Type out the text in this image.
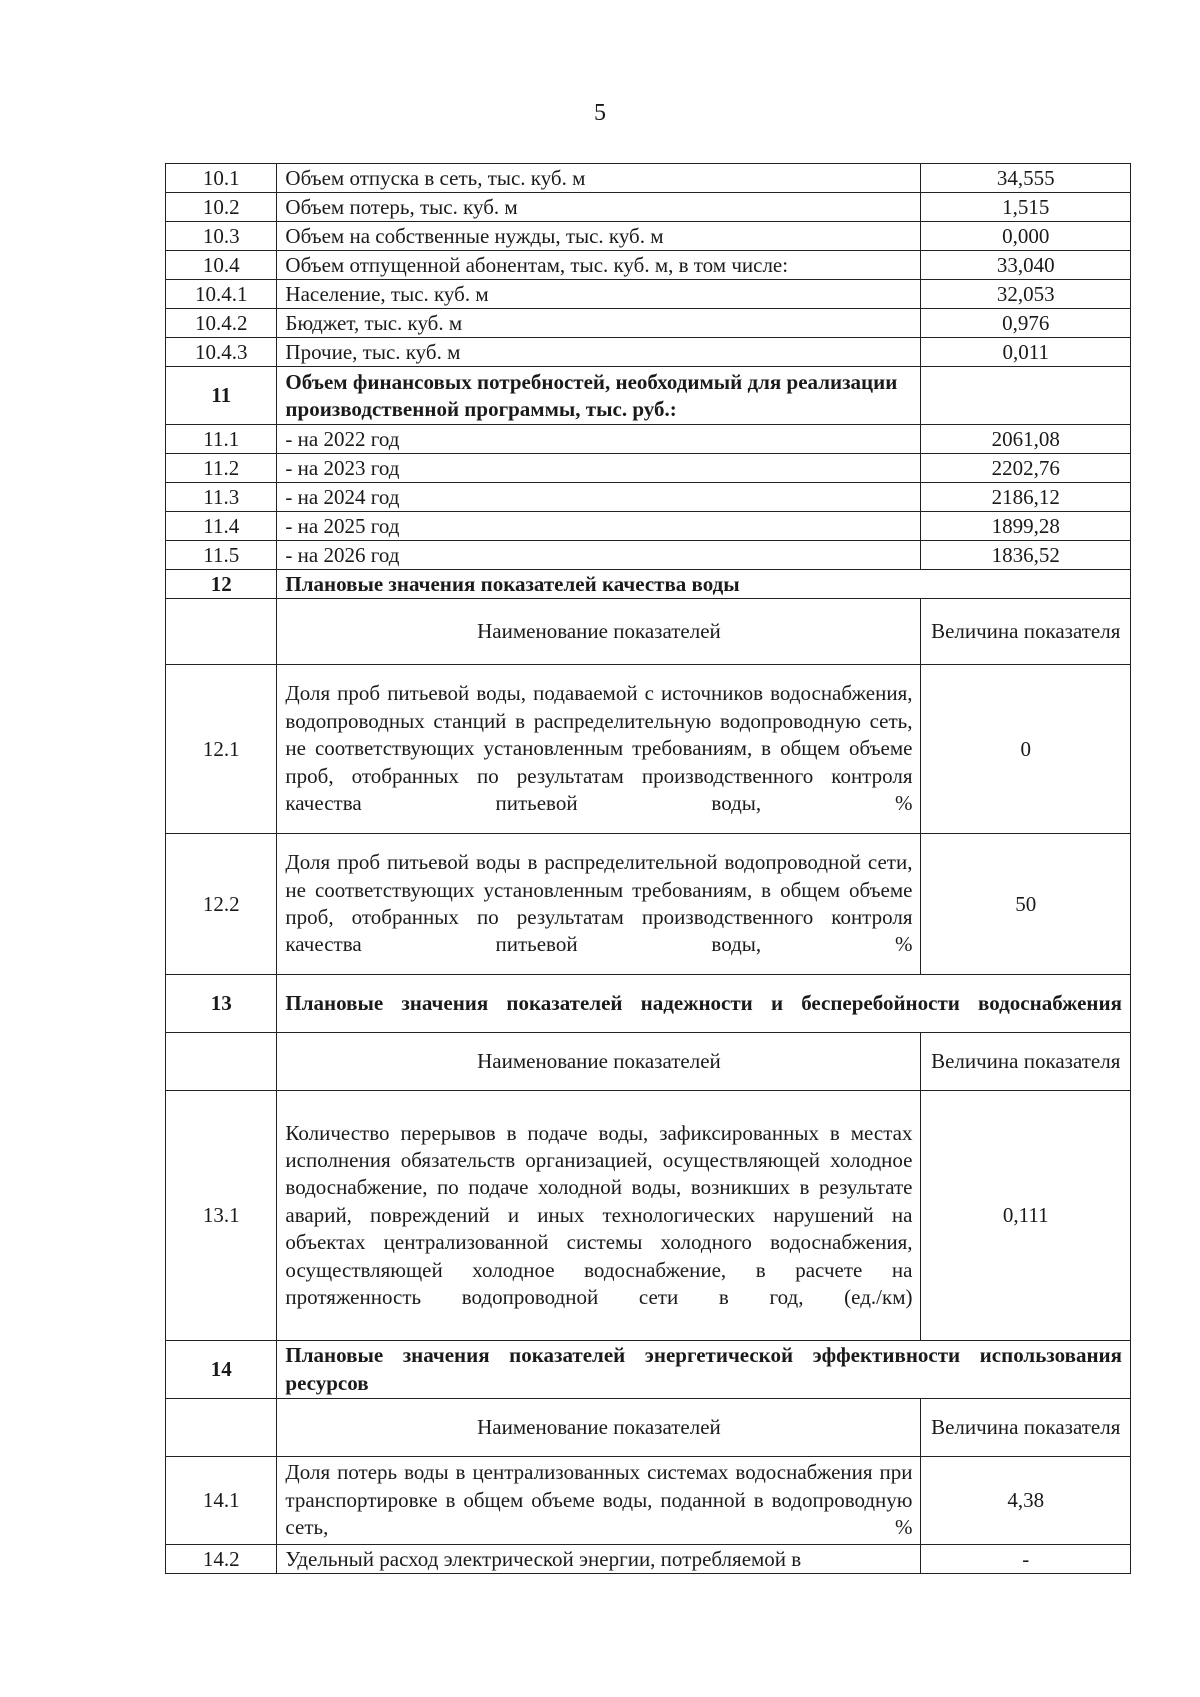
5
10.1	Объем отпуска в сеть, тыс. куб. м	34,555
10.2	Объем потерь, тыс. куб. м	1,515
10.3	Объем на собственные нужды, тыс. куб. м	0,000
10.4	Объем отпущенной абонентам, тыс. куб. м, в том числе:	33,040
10.4.1	Население, тыс. куб. м	32,053
10.4.2	Бюджет, тыс. куб. м	0,976
10.4.3	Прочие, тыс. куб. м	0,011
11	Объем финансовых потребностей, необходимый для реализации производственной программы, тыс. руб.:	
11.1	- на 2022 год	2061,08
11.2	- на 2023 год	2202,76
11.3	- на 2024 год	2186,12
11.4	- на 2025 год	1899,28
11.5	- на 2026 год	1836,52
12	Плановые значения показателей качества воды	
	Наименование показателей	Величина показателя
12.1	Доля проб питьевой воды, подаваемой с источников водоснабжения, водопроводных станций в распределительную водопроводную сеть, не соответствующих установленным требованиям, в общем объеме проб, отобранных по результатам производственного контроля качества питьевой воды, %	0
12.2	Доля проб питьевой воды в распределительной водопроводной сети, не соответствующих установленным требованиям, в общем объеме проб, отобранных по результатам производственного контроля качества питьевой воды, %	50
13	Плановые значения показателей надежности и бесперебойности водоснабжения	
	Наименование показателей	Величина показателя
13.1	Количество перерывов в подаче воды, зафиксированных в местах исполнения обязательств организацией, осуществляющей холодное водоснабжение, по подаче холодной воды, возникших в результате аварий, повреждений и иных технологических нарушений на объектах централизованной системы холодного водоснабжения, осуществляющей холодное водоснабжение, в расчете на протяженность водопроводной сети в год, (ед./км)	0,111
14	Плановые значения показателей энергетической эффективности использования ресурсов	
	Наименование показателей	Величина показателя
14.1	Доля потерь воды в централизованных системах водоснабжения при транспортировке в общем объеме воды, поданной в водопроводную сеть, %	4,38
14.2	Удельный расход электрической энергии, потребляемой в	-
